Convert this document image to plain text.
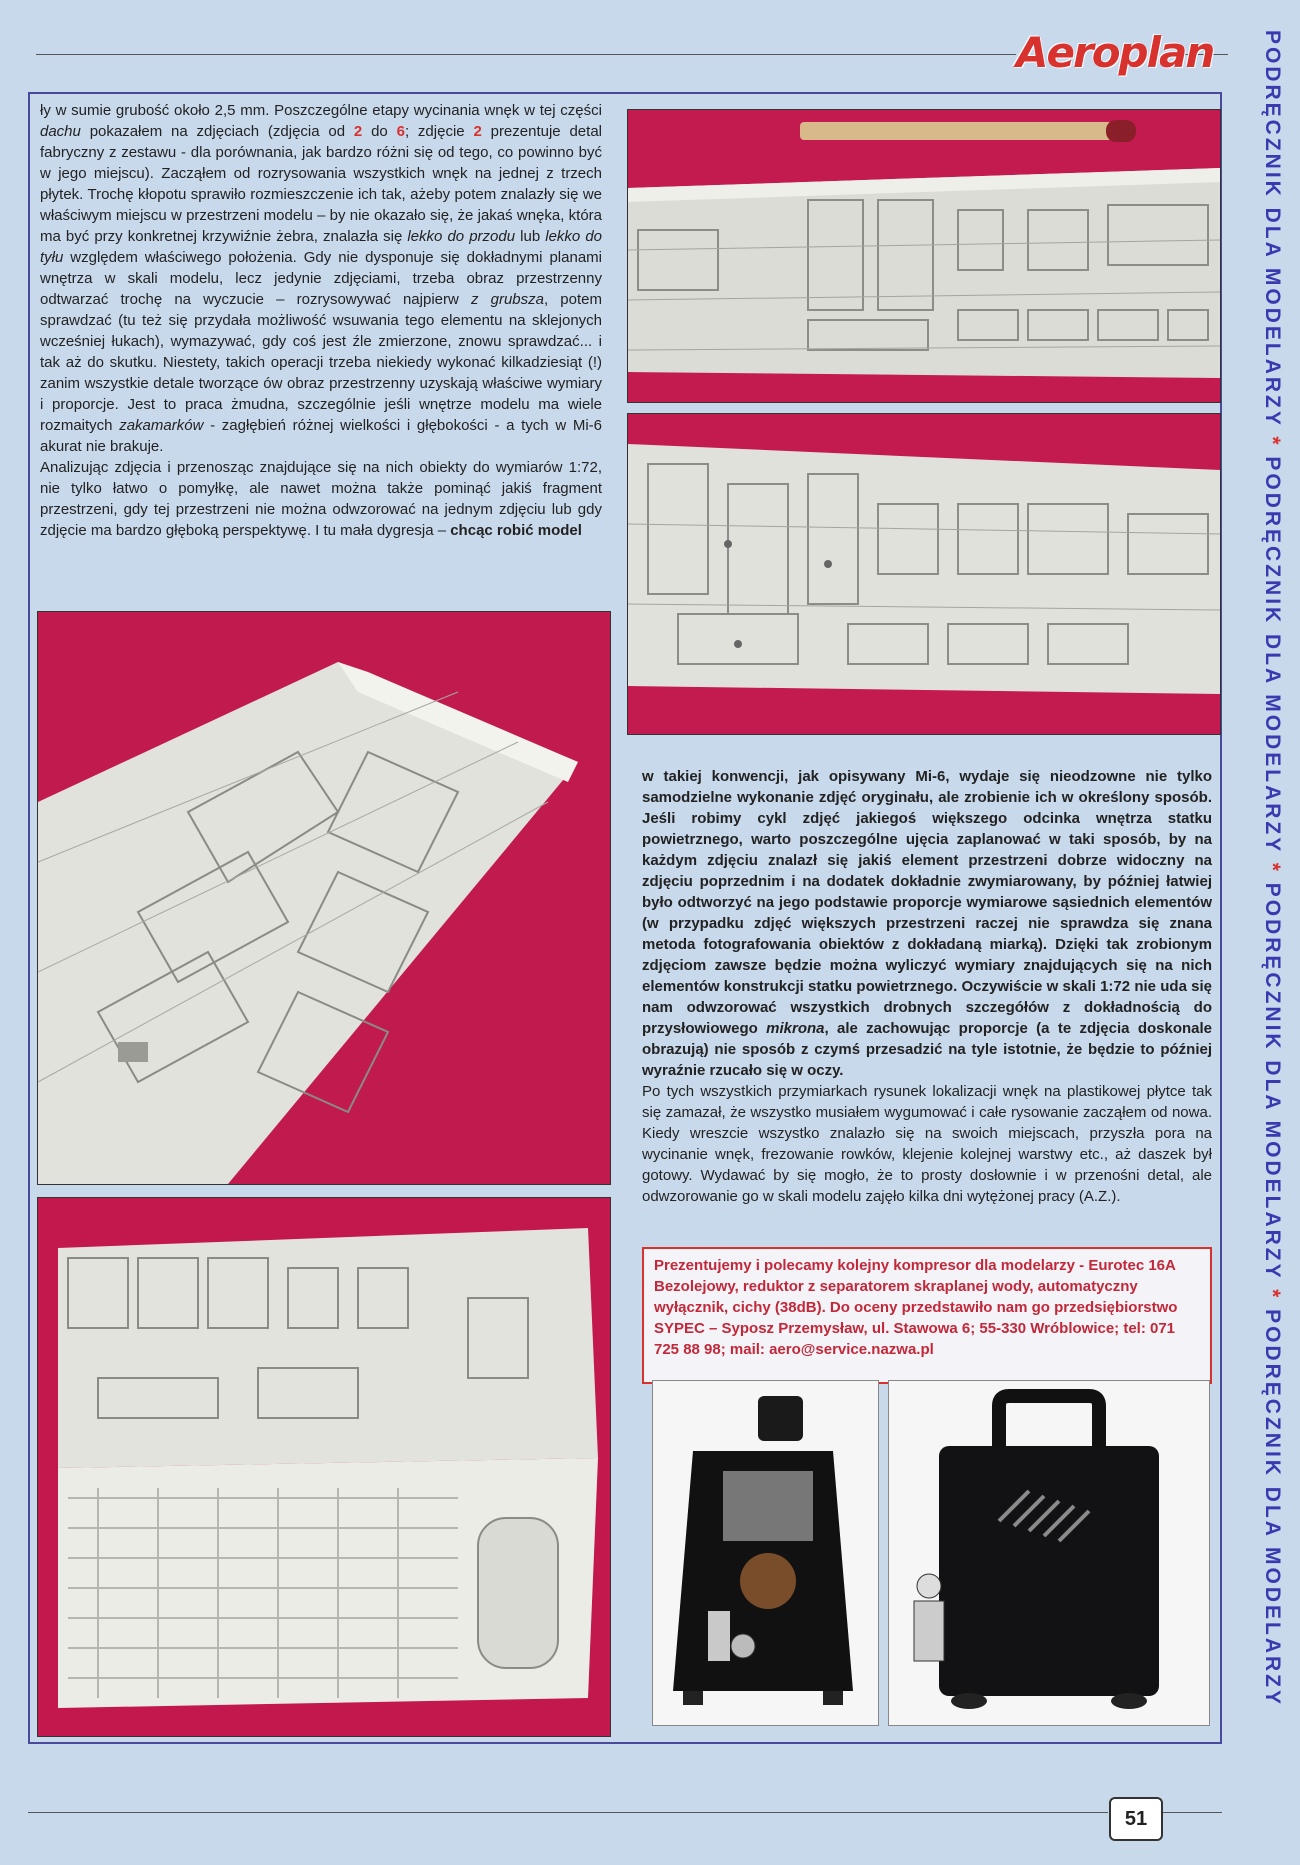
Aeroplan

ły w sumie grubość około 2,5 mm. Poszczególne etapy wycinania wnęk w tej części dachu pokazałem na zdjęciach (zdjęcia od 2 do 6; zdjęcie 2 prezentuje detal fabryczny z zestawu - dla porównania, jak bardzo różni się od tego, co powinno być w jego miejscu). Zacząłem od rozrysowania wszystkich wnęk na jednej z trzech płytek. Trochę kłopotu sprawiło rozmieszczenie ich tak, ażeby potem znalazły się we właściwym miejscu w przestrzeni modelu – by nie okazało się, że jakaś wnęka, która ma być przy konkretnej krzywiźnie żebra, znalazła się lekko do przodu lub lekko do tyłu względem właściwego położenia. Gdy nie dysponuje się dokładnymi planami wnętrza w skali modelu, lecz jedynie zdjęciami, trzeba obraz przestrzenny odtwarzać trochę na wyczucie – rozrysowywać najpierw z grubsza, potem sprawdzać (tu też się przydała możliwość wsuwania tego elementu na sklejonych wcześniej łukach), wymazywać, gdy coś jest źle zmierzone, znowu sprawdzać... i tak aż do skutku. Niestety, takich operacji trzeba niekiedy wykonać kilkadziesiąt (!) zanim wszystkie detale tworzące ów obraz przestrzenny uzyskają właściwe wymiary i proporcje. Jest to praca żmudna, szczególnie jeśli wnętrze modelu ma wiele rozmaitych zakamarków - zagłębień różnej wielkości i głębokości - a tych w Mi-6 akurat nie brakuje.

Analizując zdjęcia i przenosząc znajdujące się na nich obiekty do wymiarów 1:72, nie tylko łatwo o pomyłkę, ale nawet można także pominąć jakiś fragment przestrzeni, gdy tej przestrzeni nie można odwzorować na jednym zdjęciu lub gdy zdjęcie ma bardzo głęboką perspektywę. I tu mała dygresja – chcąc robić model

w takiej konwencji, jak opisywany Mi-6, wydaje się nieodzowne nie tylko samodzielne wykonanie zdjęć oryginału, ale zrobienie ich w określony sposób. Jeśli robimy cykl zdjęć jakiegoś większego odcinka wnętrza statku powietrznego, warto poszczególne ujęcia zaplanować w taki sposób, by na każdym zdjęciu znalazł się jakiś element przestrzeni dobrze widoczny na zdjęciu poprzednim i na dodatek dokładnie zwymiarowany, by później łatwiej było odtworzyć na jego podstawie proporcje wymiarowe sąsiednich elementów (w przypadku zdjęć większych przestrzeni raczej nie sprawdza się znana metoda fotografowania obiektów z dokładaną miarką). Dzięki tak zrobionym zdjęciom zawsze będzie można wyliczyć wymiary znajdujących się na nich elementów konstrukcji statku powietrznego. Oczywiście w skali 1:72 nie uda się nam odwzorować wszystkich drobnych szczegółów z dokładnością do przysłowiowego mikrona, ale zachowując proporcje (a te zdjęcia doskonale obrazują) nie sposób z czymś przesadzić na tyle istotnie, że będzie to później wyraźnie rzucało się w oczy.

Po tych wszystkich przymiarkach rysunek lokalizacji wnęk na plastikowej płytce tak się zamazał, że wszystko musiałem wygumować i całe rysowanie zacząłem od nowa. Kiedy wreszcie wszystko znalazło się na swoich miejscach, przyszła pora na wycinanie wnęk, frezowanie rowków, klejenie kolejnej warstwy etc., aż daszek był gotowy. Wydawać by się mogło, że to prosty dosłownie i w przenośni detal, ale odwzorowanie go w skali modelu zajęło kilka dni wytężonej pracy (A.Z.).

Prezentujemy i polecamy kolejny kompresor dla modelarzy - Eurotec 16A
Bezolejowy, reduktor z separatorem skraplanej wody, automatyczny wyłącznik, cichy (38dB). Do oceny przedstawiło nam go przedsiębiorstwo SYPEC – Syposz Przemysław, ul. Stawowa 6; 55-330 Wróblowice; tel: 071 725 88 98; mail: aero@service.nazwa.pl
PODRĘCZNIK DLA MODELARZY * PODRĘCZNIK DLA MODELARZY * PODRĘCZNIK DLA MODELARZY * PODRĘCZNIK DLA MODELARZY
51
